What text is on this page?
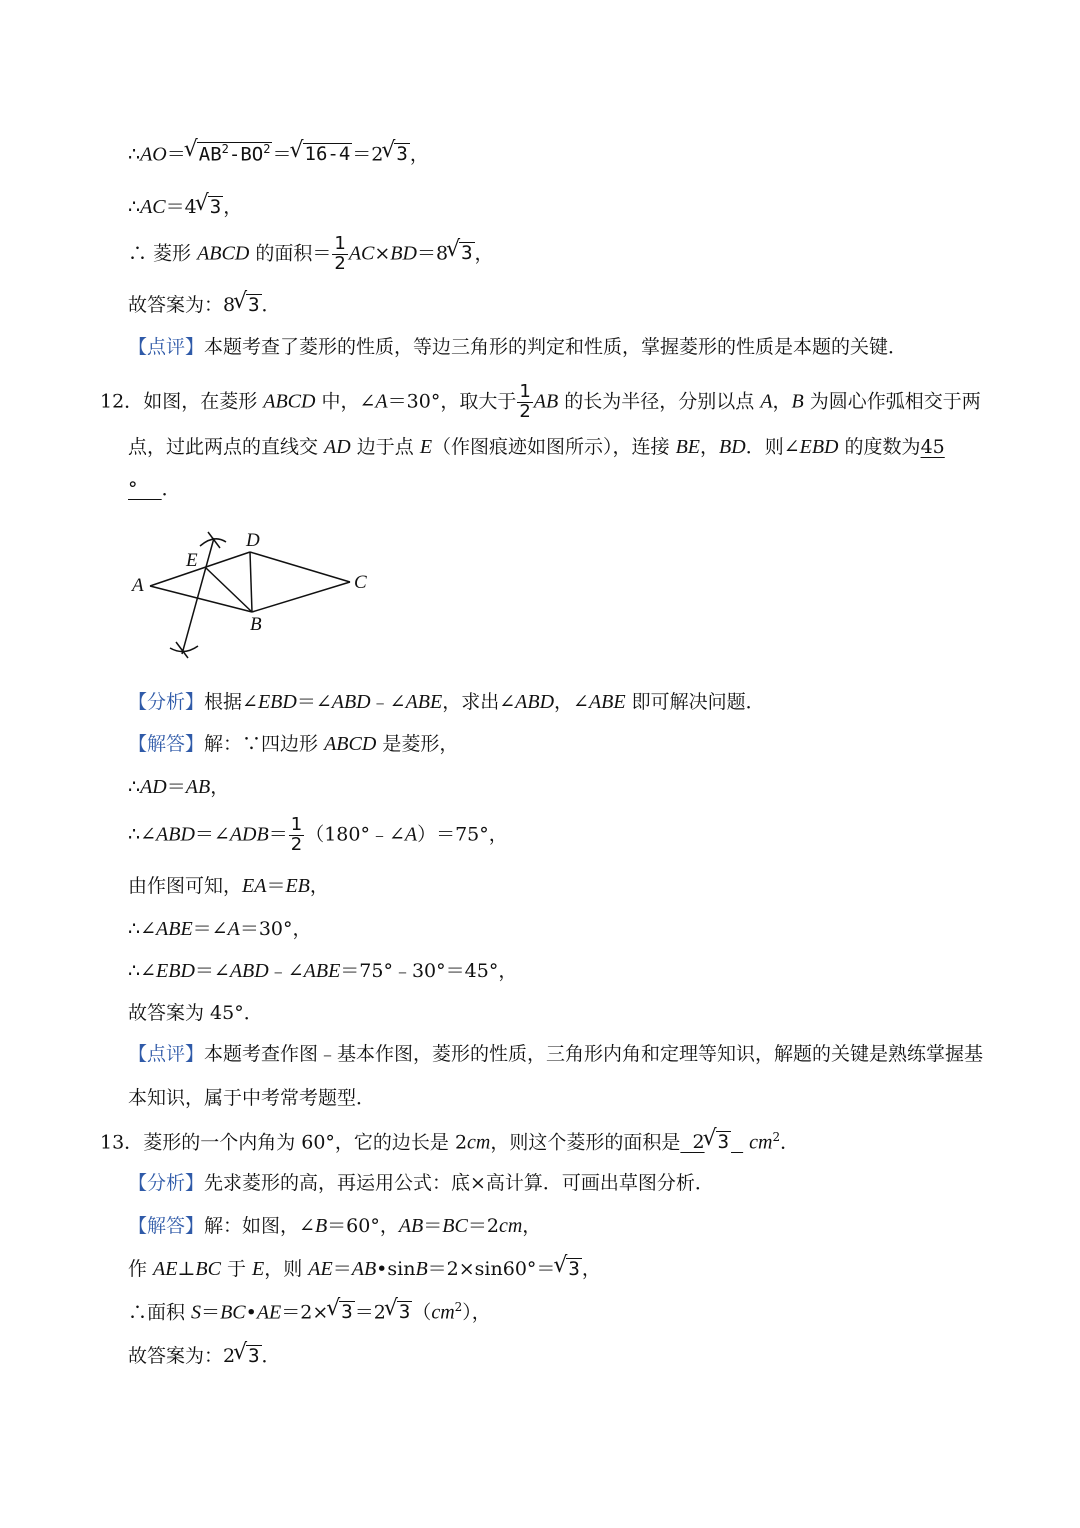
∴AO＝√ $AB^2-BO^2$ ＝√ 16-4 ＝2√ 3 ，
∴AC＝4√ 3 ，
∴ 菱形 ABCD 的面积＝ $\frac{1}{2} AC\times BD=8√$ 3 ，
故答案为：8√ 3 ．
【点评】本题考查了菱形的性质，等边三角形的判定和性质，掌握菱形的性质是本题的关键．
12．如图，在菱形 ABCD 中，∠A＝30°，取大于 $\frac{1}{2}$ AB 的长为半径，分别以点 A，B 为圆心作弧相交于两
点，过此两点的直线交 AD 边于点 E（作图痕迹如图所示），连接 BE，BD．则∠EBD 的度数为45
° ．
A
E
D
C
B
【分析】根据∠EBD＝∠ABD﹣∠ABE，求出∠ABD，∠ABE 即可解决问题．
【解答】解：∵四边形 ABCD 是菱形，
∴AD＝AB，
∴∠ABD＝∠ADB＝ $\frac{1}{2}$ （180°﹣∠A）＝75°，
由作图可知，EA＝EB，
∴∠ABE＝∠A＝30°，
∴∠EBD＝∠ABD﹣∠ABE＝75°﹣30°＝45°，
故答案为 45°．
【点评】本题考查作图﹣基本作图，菱形的性质，三角形内角和定理等知识，解题的关键是熟练掌握基
本知识，属于中考常考题型．
13．菱形的一个内角为 60°，它的边长是 2cm，则这个菱形的面积是 2√ 3 $cm^2$．
【分析】先求菱形的高，再运用公式：底×高计算．可画出草图分析．
【解答】解：如图，∠B＝60°，AB＝BC＝2cm，
作 AE⊥BC 于 E，则 AE＝AB•sinB＝2×sin60°＝√ 3 ，
∴面积 S＝BC•AE＝2×√ 3 ＝2√ 3 $(cm^2)$，
故答案为：2√ 3 ．
